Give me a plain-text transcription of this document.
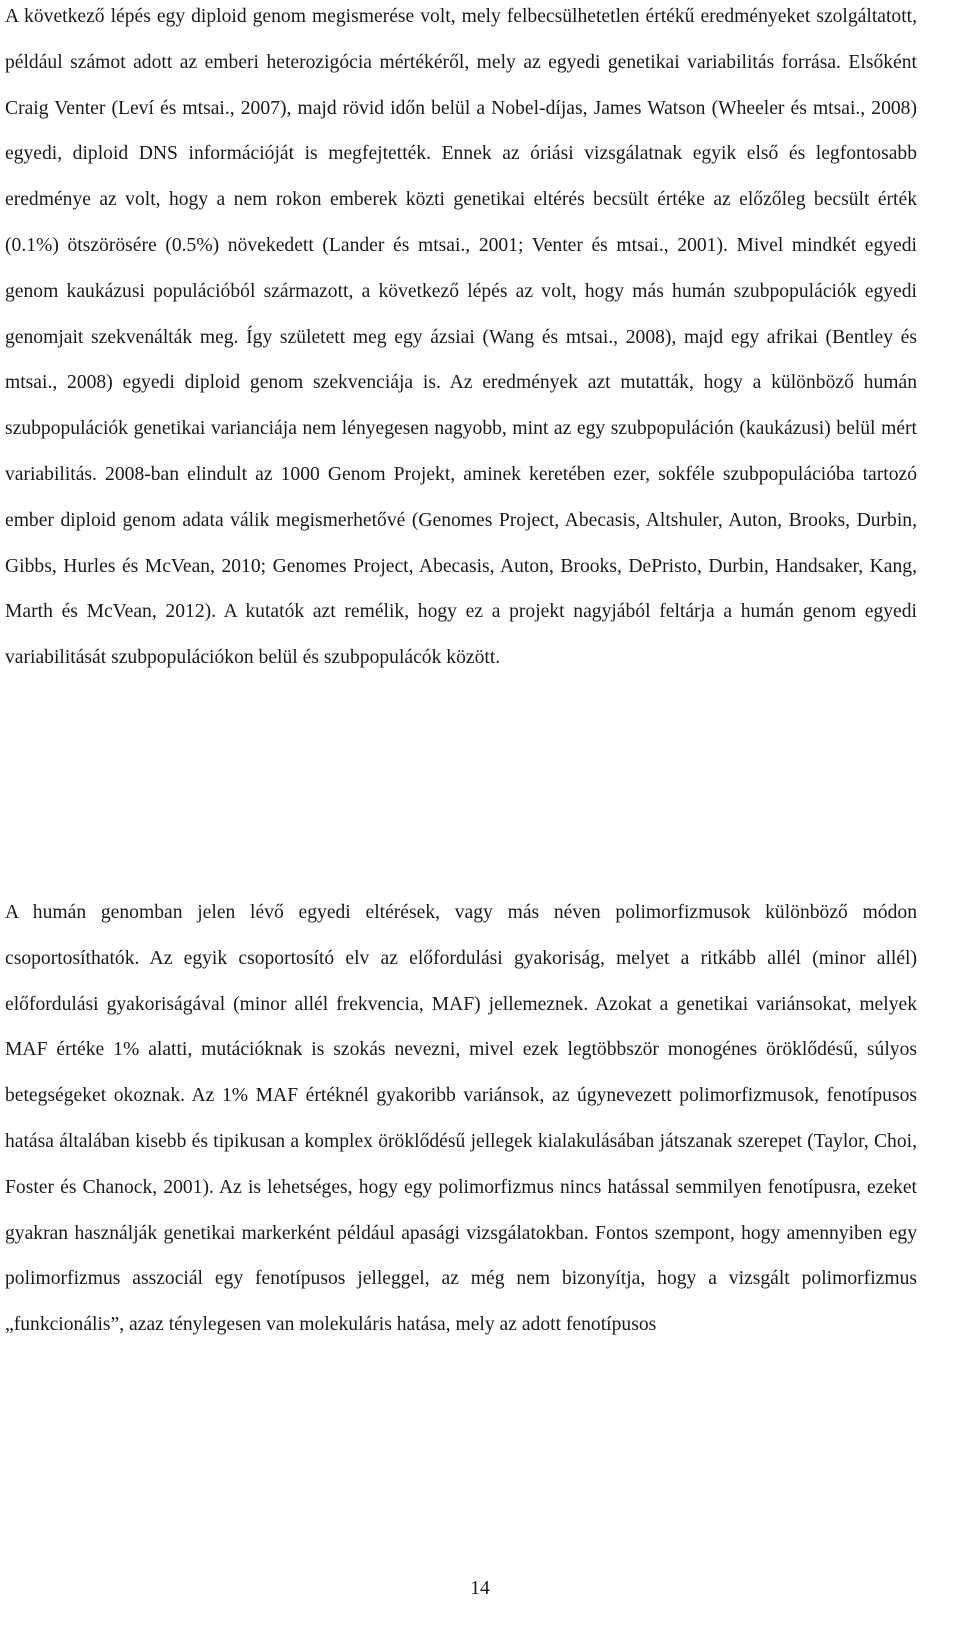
A következő lépés egy diploid genom megismerése volt, mely felbecsülhetetlen értékű eredményeket szolgáltatott, például számot adott az emberi heterozigócia mértékéről, mely az egyedi genetikai variabilitás forrása. Elsőként Craig Venter (Leví és mtsai., 2007), majd rövid időn belül a Nobel-díjas, James Watson (Wheeler és mtsai., 2008) egyedi, diploid DNS információját is megfejtették. Ennek az óriási vizsgálatnak egyik első és legfontosabb eredménye az volt, hogy a nem rokon emberek közti genetikai eltérés becsült értéke az előzőleg becsült érték (0.1%) ötszörösére (0.5%) növekedett (Lander és mtsai., 2001; Venter és mtsai., 2001). Mivel mindkét egyedi genom kaukázusi populációból származott, a következő lépés az volt, hogy más humán szubpopulációk egyedi genomjait szekvenálták meg. Így született meg egy ázsiai (Wang és mtsai., 2008), majd egy afrikai (Bentley és mtsai., 2008) egyedi diploid genom szekvenciája is. Az eredmények azt mutatták, hogy a különböző humán szubpopulációk genetikai varianciája nem lényegesen nagyobb, mint az egy szubpopuláción (kaukázusi) belül mért variabilitás. 2008-ban elindult az 1000 Genom Projekt, aminek keretében ezer, sokféle szubpopulációba tartozó ember diploid genom adata válik megismerhetővé (Genomes Project, Abecasis, Altshuler, Auton, Brooks, Durbin, Gibbs, Hurles és McVean, 2010; Genomes Project, Abecasis, Auton, Brooks, DePristo, Durbin, Handsaker, Kang, Marth és McVean, 2012). A kutatók azt remélik, hogy ez a projekt nagyjából feltárja a humán genom egyedi variabilitását szubpopulációkon belül és szubpopulácók között.

A humán genomban jelen lévő egyedi eltérések, vagy más néven polimorfizmusok különböző módon csoportosíthatók. Az egyik csoportosító elv az előfordulási gyakoriság, melyet a ritkább allél (minor allél) előfordulási gyakoriságával (minor allél frekvencia, MAF) jellemeznek. Azokat a genetikai variánsokat, melyek MAF értéke 1% alatti, mutációknak is szokás nevezni, mivel ezek legtöbbször monogénes öröklődésű, súlyos betegségeket okoznak. Az 1% MAF értéknél gyakoribb variánsok, az úgynevezett polimorfizmusok, fenotípusos hatása általában kisebb és tipikusan a komplex öröklődésű jellegek kialakulásában játszanak szerepet (Taylor, Choi, Foster és Chanock, 2001). Az is lehetséges, hogy egy polimorfizmus nincs hatással semmilyen fenotípusra, ezeket gyakran használják genetikai markerként például apasági vizsgálatokban. Fontos szempont, hogy amennyiben egy polimorfizmus asszociál egy fenotípusos jelleggel, az még nem bizonyítja, hogy a vizsgált polimorfizmus „funkcionális”, azaz ténylegesen van molekuláris hatása, mely az adott fenotípusos

14
